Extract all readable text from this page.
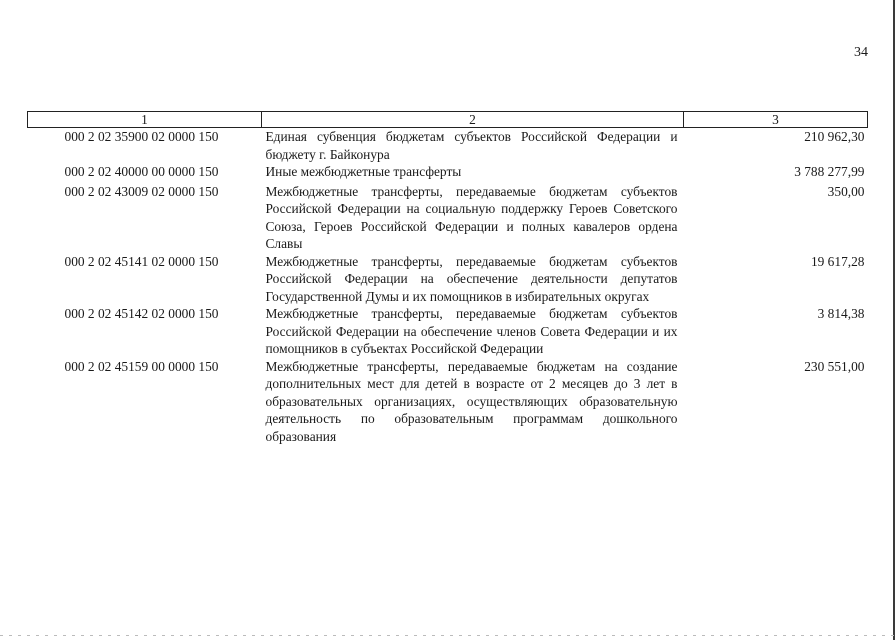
34
1	2	3
000 2 02 35900 02 0000 150	Единая субвенция бюджетам субъектов Российской Федерации и бюджету г. Байконура	210 962,30
000 2 02 40000 00 0000 150	Иные межбюджетные трансферты	3 788 277,99
000 2 02 43009 02 0000 150	Межбюджетные трансферты, передаваемые бюджетам субъектов Российской Федерации на социальную поддержку Героев Советского Союза, Героев Российской Федерации и полных кавалеров ордена Славы	350,00
000 2 02 45141 02 0000 150	Межбюджетные трансферты, передаваемые бюджетам субъектов Российской Федерации на обеспечение деятельности депутатов Государственной Думы и их помощников в избирательных округах	19 617,28
000 2 02 45142 02 0000 150	Межбюджетные трансферты, передаваемые бюджетам субъектов Российской Федерации на обеспечение членов Совета Федерации и их помощников в субъектах Российской Федерации	3 814,38
000 2 02 45159 00 0000 150	Межбюджетные трансферты, передаваемые бюджетам на создание дополнительных мест для детей в возрасте от 2 месяцев до 3 лет в образовательных организациях, осуществляющих образовательную деятельность по образовательным программам дошкольного образования	230 551,00
